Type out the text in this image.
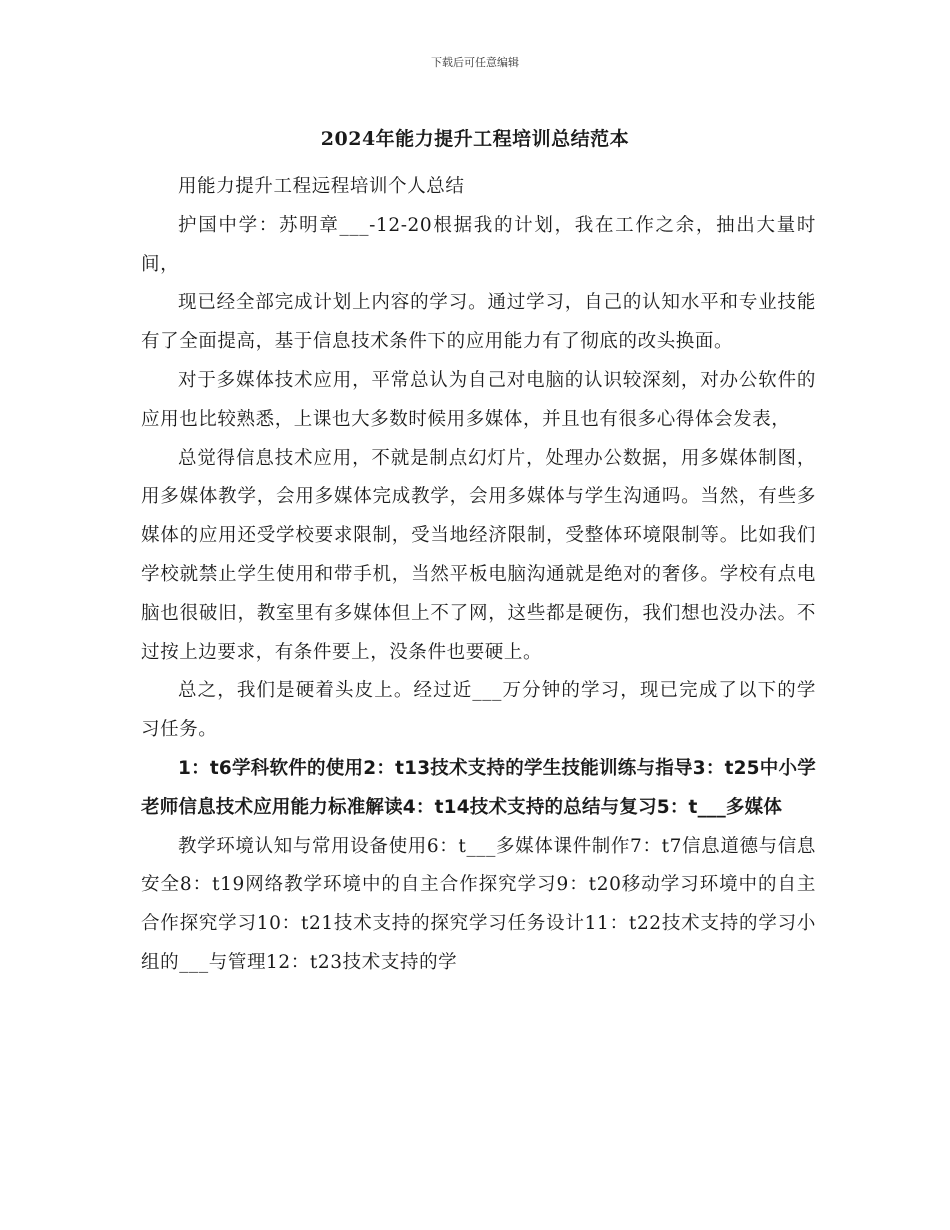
下载后可任意编辑
2024年能力提升工程培训总结范本

用能力提升工程远程培训个人总结

护国中学：苏明章___-12-20根据我的计划，我在工作之余，抽出大量时间，

现已经全部完成计划上内容的学习。通过学习，自己的认知水平和专业技能有了全面提高，基于信息技术条件下的应用能力有了彻底的改头换面。

对于多媒体技术应用，平常总认为自己对电脑的认识较深刻，对办公软件的应用也比较熟悉，上课也大多数时候用多媒体，并且也有很多心得体会发表，

总觉得信息技术应用，不就是制点幻灯片，处理办公数据，用多媒体制图，用多媒体教学，会用多媒体完成教学，会用多媒体与学生沟通吗。当然，有些多媒体的应用还受学校要求限制，受当地经济限制，受整体环境限制等。比如我们学校就禁止学生使用和带手机，当然平板电脑沟通就是绝对的奢侈。学校有点电脑也很破旧，教室里有多媒体但上不了网，这些都是硬伤，我们想也没办法。不过按上边要求，有条件要上，没条件也要硬上。

总之，我们是硬着头皮上。经过近___万分钟的学习，现已完成了以下的学习任务。

1：t6学科软件的使用2：t13技术支持的学生技能训练与指导3：t25中小学老师信息技术应用能力标准解读4：t14技术支持的总结与复习5：t___多媒体

教学环境认知与常用设备使用6：t___多媒体课件制作7：t7信息道德与信息安全8：t19网络教学环境中的自主合作探究学习9：t20移动学习环境中的自主合作探究学习10：t21技术支持的探究学习任务设计11：t22技术支持的学习小组的___与管理12：t23技术支持的学
